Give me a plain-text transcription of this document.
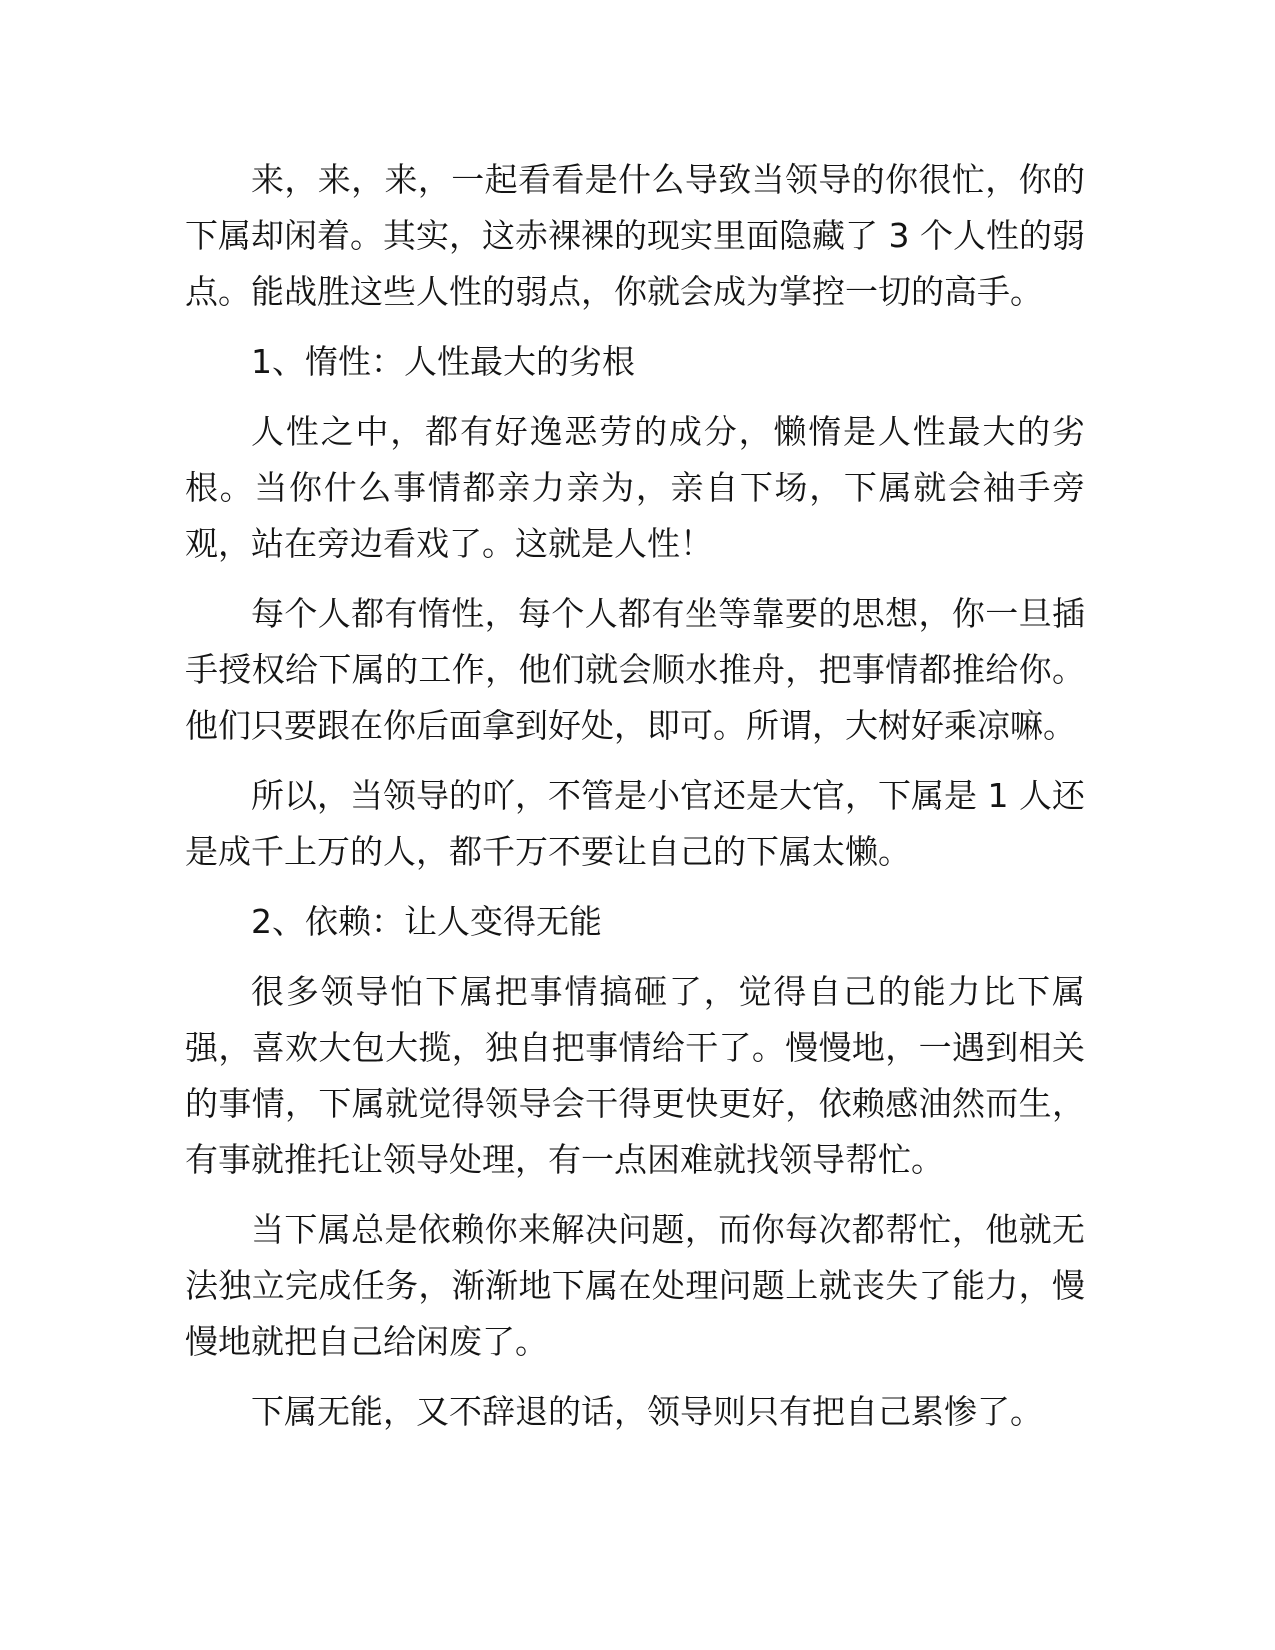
来，来，来，一起看看是什么导致当领导的你很忙，你的下属却闲着。其实，这赤裸裸的现实里面隐藏了 3 个人性的弱点。能战胜这些人性的弱点，你就会成为掌控一切的高手。

1、惰性：人性最大的劣根

人性之中，都有好逸恶劳的成分，懒惰是人性最大的劣根。当你什么事情都亲力亲为，亲自下场，下属就会袖手旁观，站在旁边看戏了。这就是人性！

每个人都有惰性，每个人都有坐等靠要的思想，你一旦插手授权给下属的工作，他们就会顺水推舟，把事情都推给你。他们只要跟在你后面拿到好处，即可。所谓，大树好乘凉嘛。

所以，当领导的吖，不管是小官还是大官，下属是 1 人还是成千上万的人，都千万不要让自己的下属太懒。

2、依赖：让人变得无能

很多领导怕下属把事情搞砸了，觉得自己的能力比下属强，喜欢大包大揽，独自把事情给干了。慢慢地，一遇到相关的事情，下属就觉得领导会干得更快更好，依赖感油然而生，有事就推托让领导处理，有一点困难就找领导帮忙。

当下属总是依赖你来解决问题，而你每次都帮忙，他就无法独立完成任务，渐渐地下属在处理问题上就丧失了能力，慢慢地就把自己给闲废了。

下属无能，又不辞退的话，领导则只有把自己累惨了。
